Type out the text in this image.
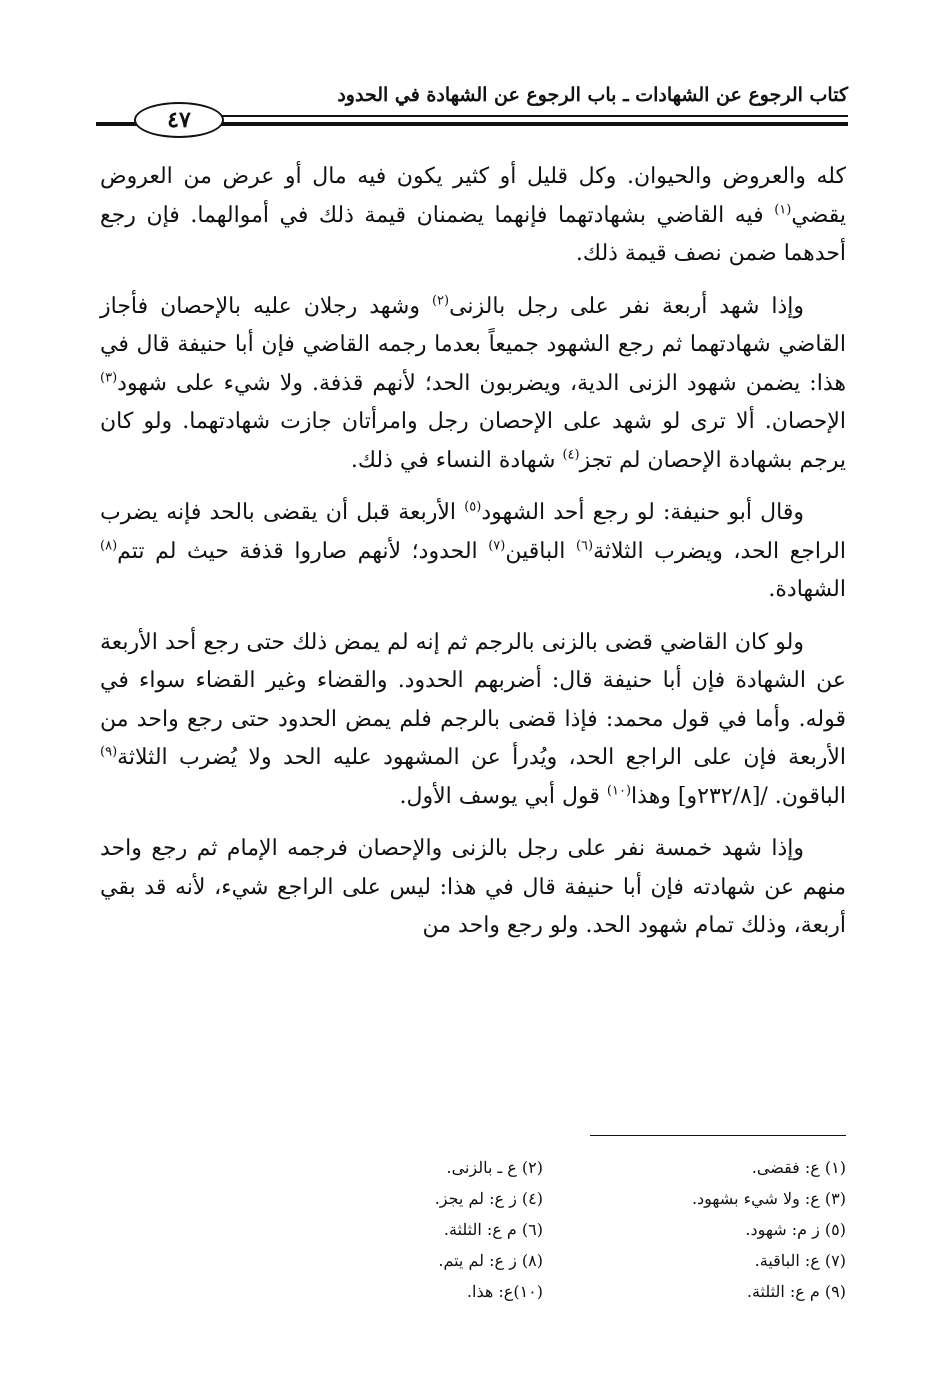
كتاب الرجوع عن الشهادات ـ باب الرجوع عن الشهادة في الحدود
٤٧

كله والعروض والحيوان. وكل قليل أو كثير يكون فيه مال أو عرض من العروض يقضي$^{(١)}$ فيه القاضي بشهادتهما فإنهما يضمنان قيمة ذلك في أموالهما. فإن رجع أحدهما ضمن نصف قيمة ذلك.

وإذا شهد أربعة نفر على رجل بالزنى$^{(٢)}$ وشهد رجلان عليه بالإحصان فأجاز القاضي شهادتهما ثم رجع الشهود جميعاً بعدما رجمه القاضي فإن أبا حنيفة قال في هذا: يضمن شهود الزنى الدية، ويضربون الحد؛ لأنهم قذفة. ولا شيء على شهود$^{(٣)}$ الإحصان. ألا ترى لو شهد على الإحصان رجل وامرأتان جازت شهادتهما. ولو كان يرجم بشهادة الإحصان لم تجز$^{(٤)}$ شهادة النساء في ذلك.

وقال أبو حنيفة: لو رجع أحد الشهود$^{(٥)}$ الأربعة قبل أن يقضى بالحد فإنه يضرب الراجع الحد، ويضرب الثلاثة$^{(٦)}$ الباقين$^{(٧)}$ الحدود؛ لأنهم صاروا قذفة حيث لم تتم$^{(٨)}$ الشهادة.

ولو كان القاضي قضى بالزنى بالرجم ثم إنه لم يمض ذلك حتى رجع أحد الأربعة عن الشهادة فإن أبا حنيفة قال: أضربهم الحدود. والقضاء وغير القضاء سواء في قوله. وأما في قول محمد: فإذا قضى بالرجم فلم يمض الحدود حتى رجع واحد من الأربعة فإن على الراجع الحد، ويُدرأ عن المشهود عليه الحد ولا يُضرب الثلاثة$^{(٩)}$ الباقون. /[٢٣٢/٨و] وهذا$^{(١٠)}$ قول أبي يوسف الأول.

وإذا شهد خمسة نفر على رجل بالزنى والإحصان فرجمه الإمام ثم رجع واحد منهم عن شهادته فإن أبا حنيفة قال في هذا: ليس على الراجع شيء، لأنه قد بقي أربعة، وذلك تمام شهود الحد. ولو رجع واحد من

(١) ع: فقضى.
(٢) ع ـ بالزنى.
(٣) ع: ولا شيء بشهود.
(٤) ز ع: لم يجز.
(٥) ز م: شهود.
(٦) م ع: الثلثة.
(٧) ع: الباقية.
(٨) ز ع: لم يتم.
(٩) م ع: الثلثة.
(١٠)ع: هذا.
